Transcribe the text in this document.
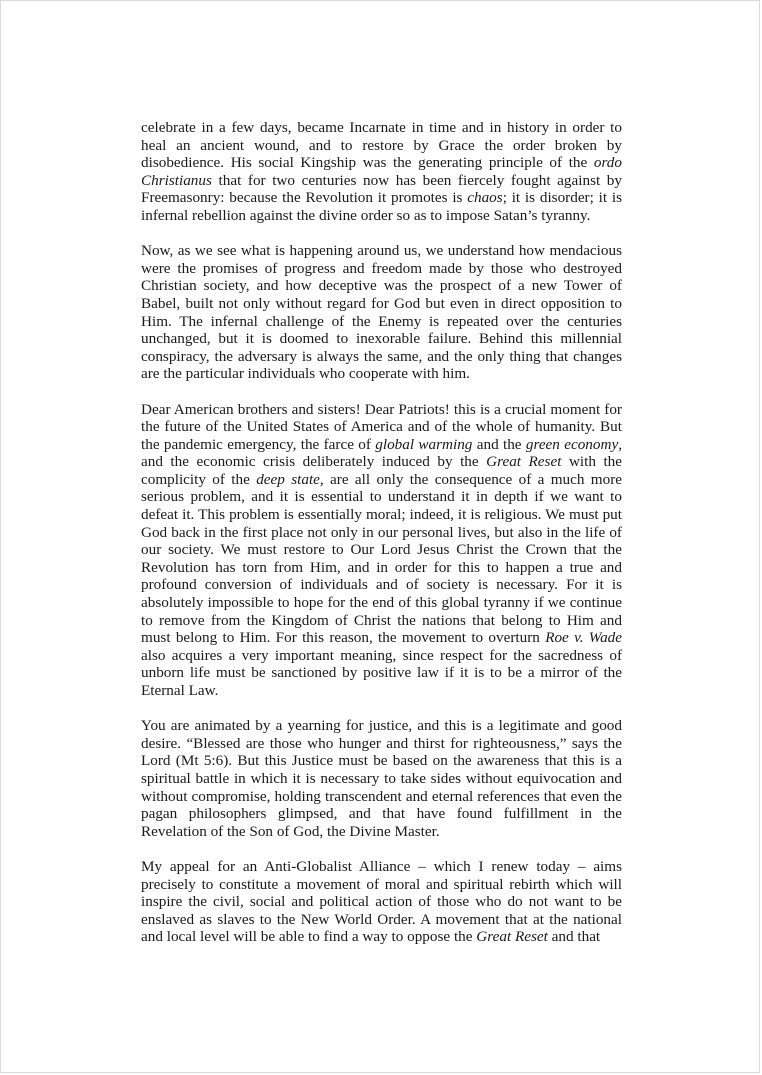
celebrate in a few days, became Incarnate in time and in history in order to heal an ancient wound, and to restore by Grace the order broken by disobedience. His social Kingship was the generating principle of the ordo Christianus that for two centuries now has been fiercely fought against by Freemasonry: because the Revolution it promotes is chaos; it is disorder; it is infernal rebellion against the divine order so as to impose Satan’s tyranny.

Now, as we see what is happening around us, we understand how mendacious were the promises of progress and freedom made by those who destroyed Christian society, and how deceptive was the prospect of a new Tower of Babel, built not only without regard for God but even in direct opposition to Him. The infernal challenge of the Enemy is repeated over the centuries unchanged, but it is doomed to inexorable failure. Behind this millennial conspiracy, the adversary is always the same, and the only thing that changes are the particular individuals who cooperate with him.

Dear American brothers and sisters! Dear Patriots! this is a crucial moment for the future of the United States of America and of the whole of humanity. But the pandemic emergency, the farce of global warming and the green economy, and the economic crisis deliberately induced by the Great Reset with the complicity of the deep state, are all only the consequence of a much more serious problem, and it is essential to understand it in depth if we want to defeat it. This problem is essentially moral; indeed, it is religious. We must put God back in the first place not only in our personal lives, but also in the life of our society. We must restore to Our Lord Jesus Christ the Crown that the Revolution has torn from Him, and in order for this to happen a true and profound conversion of individuals and of society is necessary. For it is absolutely impossible to hope for the end of this global tyranny if we continue to remove from the Kingdom of Christ the nations that belong to Him and must belong to Him. For this reason, the movement to overturn Roe v. Wade also acquires a very important meaning, since respect for the sacredness of unborn life must be sanctioned by positive law if it is to be a mirror of the Eternal Law.

You are animated by a yearning for justice, and this is a legitimate and good desire. “Blessed are those who hunger and thirst for righteousness,” says the Lord (Mt 5:6). But this Justice must be based on the awareness that this is a spiritual battle in which it is necessary to take sides without equivocation and without compromise, holding transcendent and eternal references that even the pagan philosophers glimpsed, and that have found fulfillment in the Revelation of the Son of God, the Divine Master.

My appeal for an Anti-Globalist Alliance – which I renew today – aims precisely to constitute a movement of moral and spiritual rebirth which will inspire the civil, social and political action of those who do not want to be enslaved as slaves to the New World Order. A movement that at the national and local level will be able to find a way to oppose the Great Reset and that
